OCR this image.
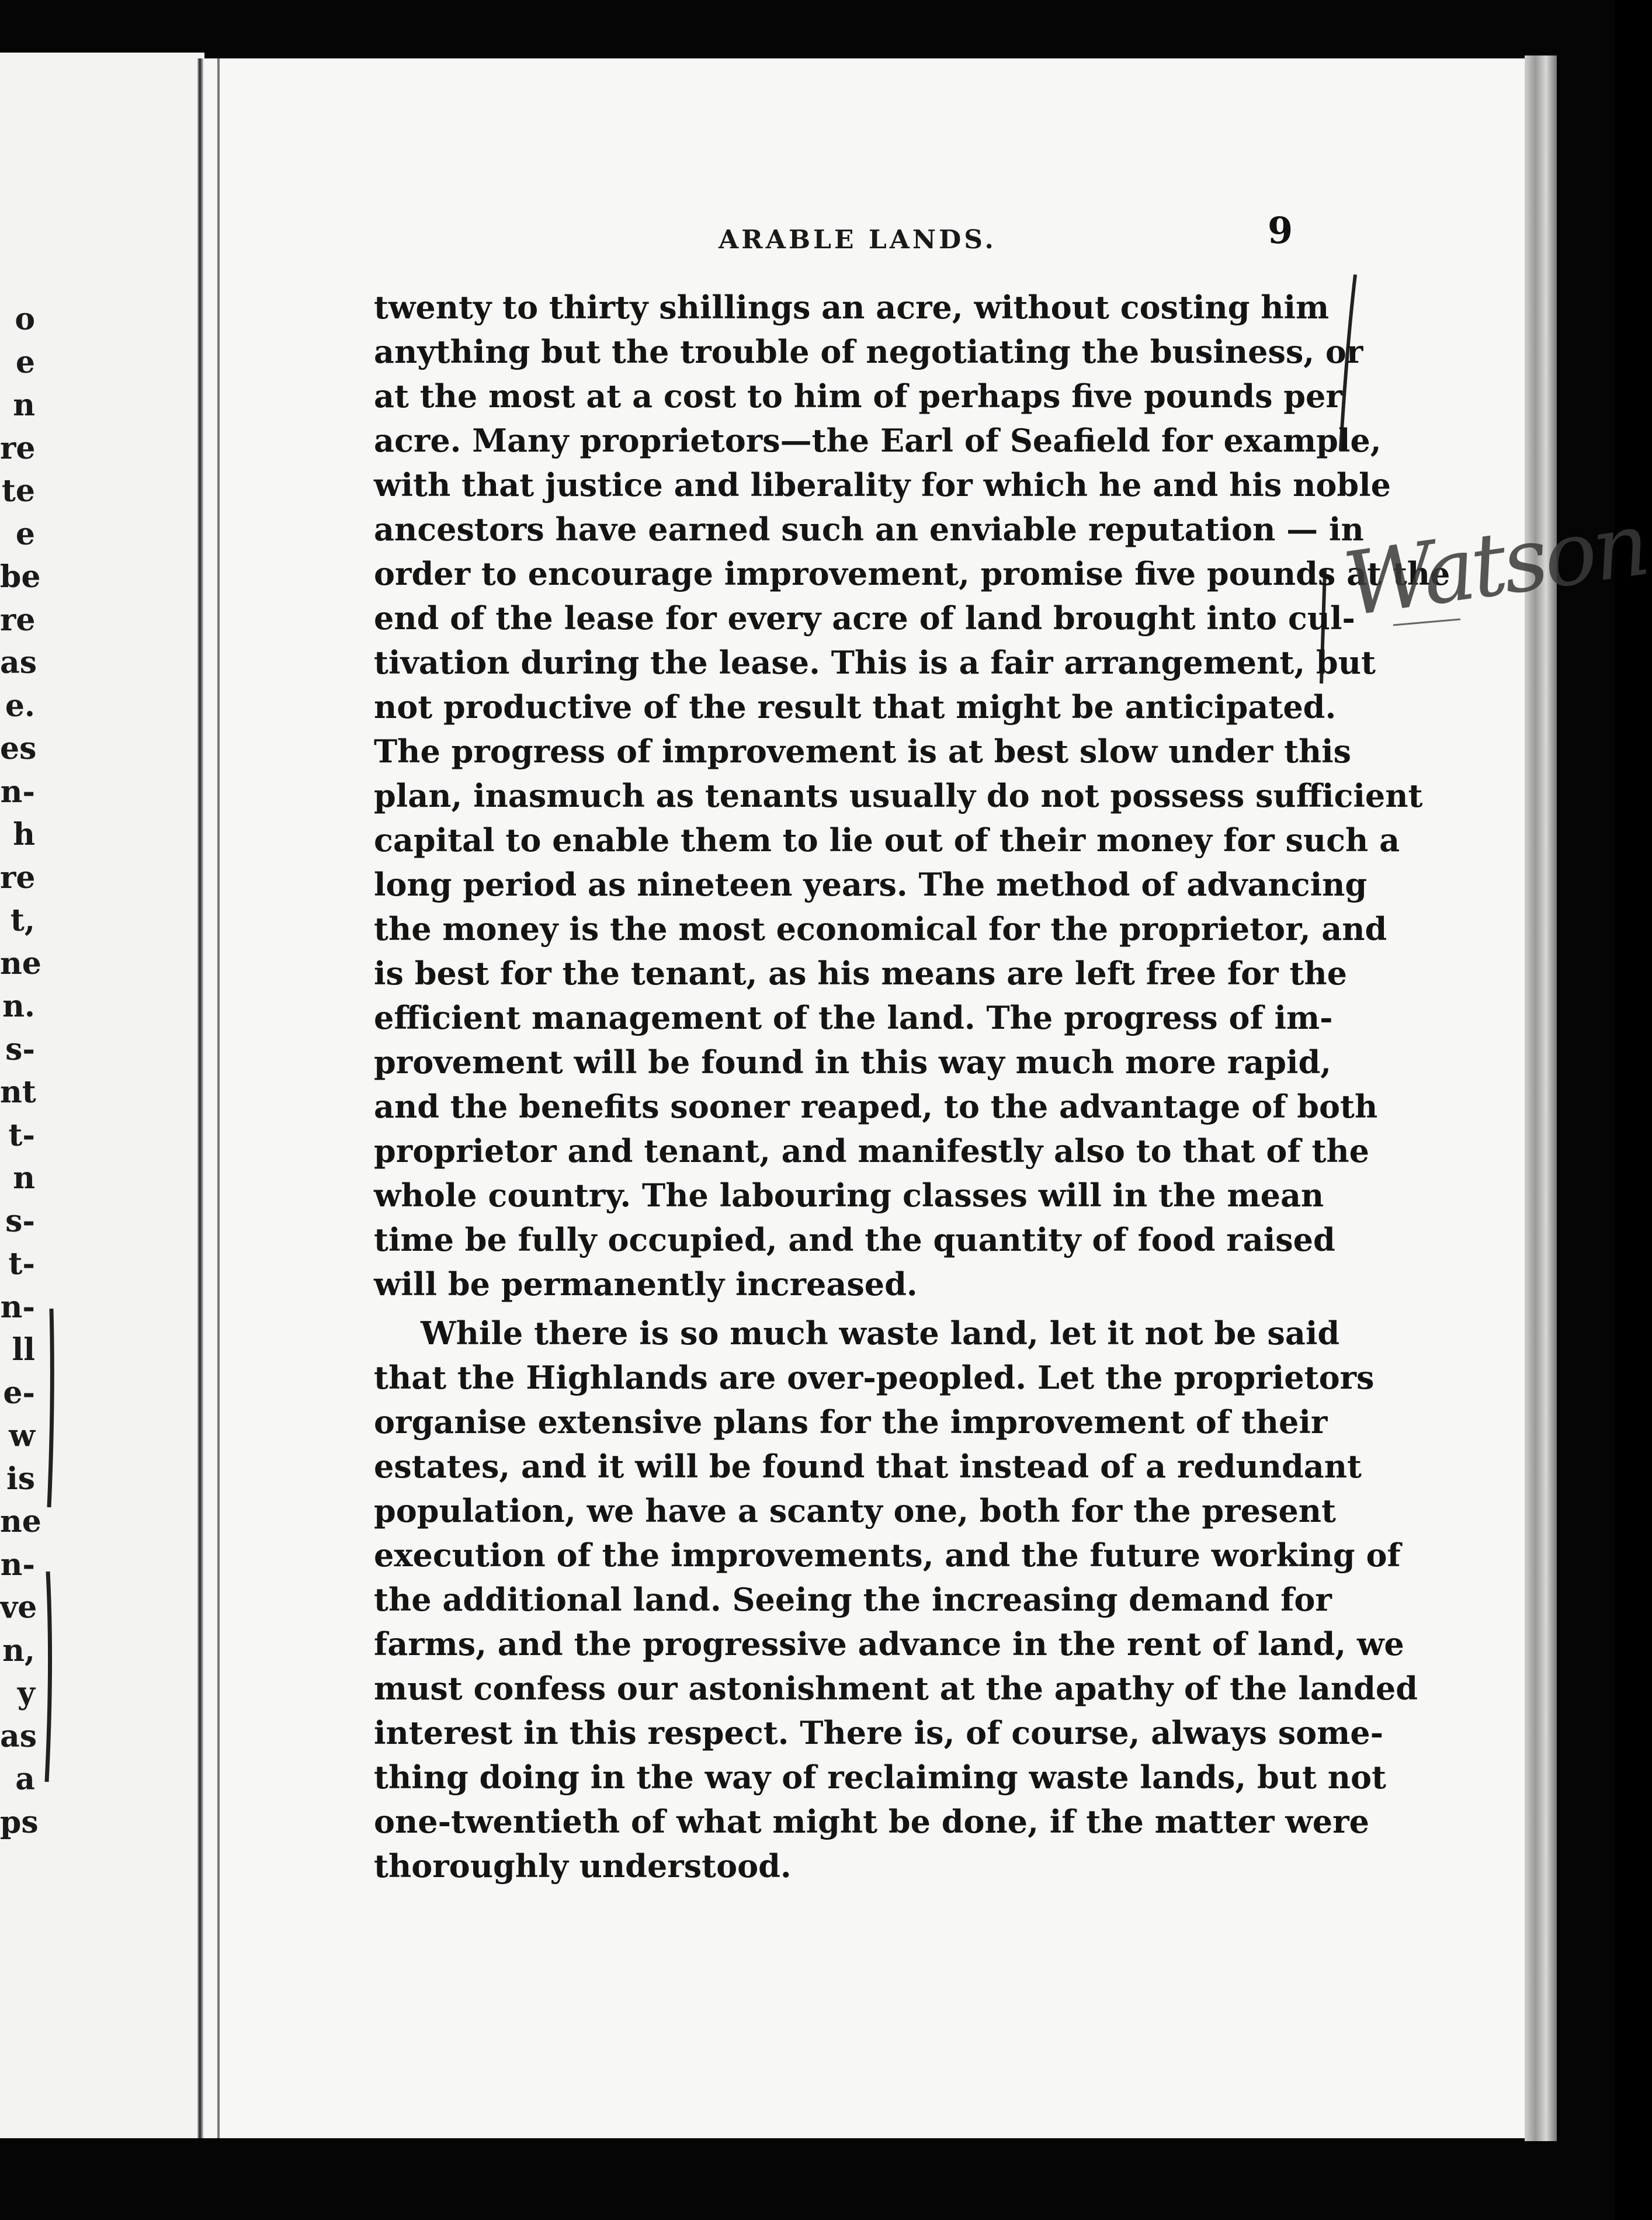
o
e
n
re
te
e
be
re
as
e.
es
n-
h
re
t,
ne
n.
s-
nt
t-
n
s-
t-
n-
ll
e-
w
is
ne
n-
ve
n,
y
as
a
ps
ARABLE LANDS.	9
twenty to thirty shillings an acre, without costing him
anything but the trouble of negotiating the business, or
at the most at a cost to him of perhaps five pounds per
acre. Many proprietors—the Earl of Seafield for example,
with that justice and liberality for which he and his noble
ancestors have earned such an enviable reputation — in
order to encourage improvement, promise five pounds at the
end of the lease for every acre of land brought into cul-
tivation during the lease. This is a fair arrangement, but
not productive of the result that might be anticipated.
The progress of improvement is at best slow under this
plan, inasmuch as tenants usually do not possess sufficient
capital to enable them to lie out of their money for such a
long period as nineteen years. The method of advancing
the money is the most economical for the proprietor, and
is best for the tenant, as his means are left free for the
efficient management of the land. The progress of im-
provement will be found in this way much more rapid,
and the benefits sooner reaped, to the advantage of both
proprietor and tenant, and manifestly also to that of the
whole country. The labouring classes will in the mean
time be fully occupied, and the quantity of food raised
will be permanently increased.
While there is so much waste land, let it not be said
that the Highlands are over-peopled. Let the proprietors
organise extensive plans for the improvement of their
estates, and it will be found that instead of a redundant
population, we have a scanty one, both for the present
execution of the improvements, and the future working of
the additional land. Seeing the increasing demand for
farms, and the progressive advance in the rent of land, we
must confess our astonishment at the apathy of the landed
interest in this respect. There is, of course, always some-
thing doing in the way of reclaiming waste lands, but not
one-twentieth of what might be done, if the matter were
thoroughly understood.
Watson
